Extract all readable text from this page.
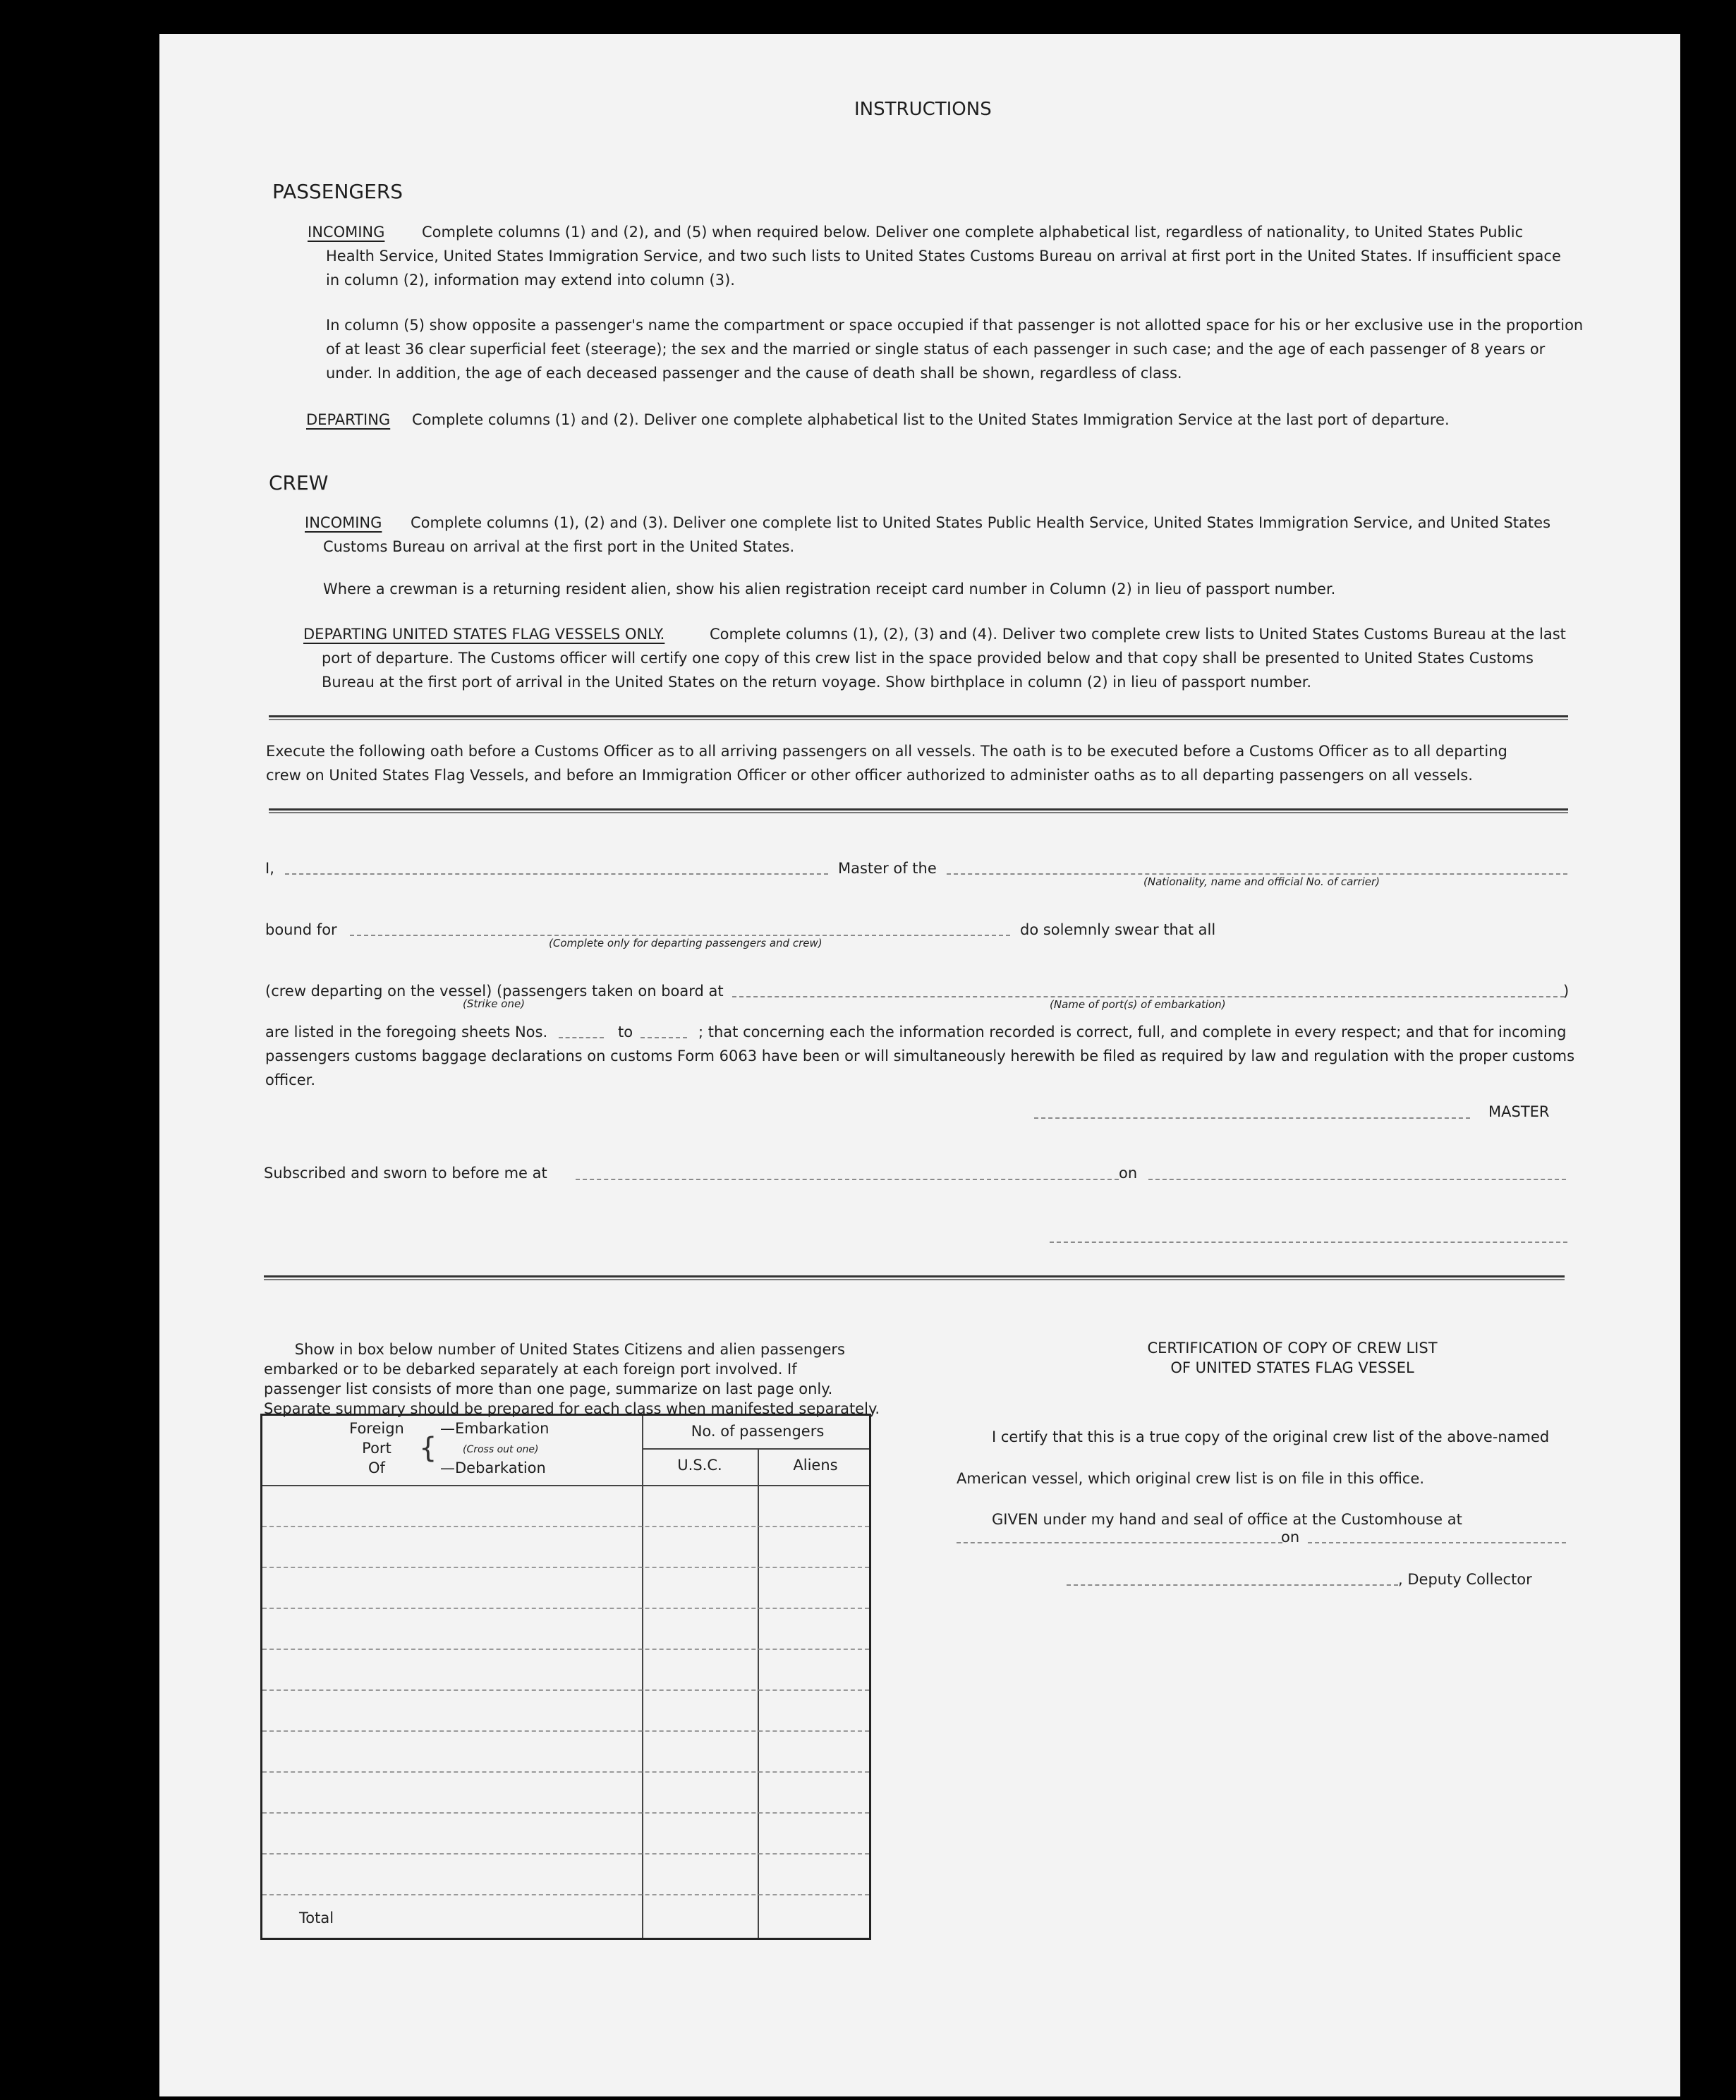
INSTRUCTIONS
PASSENGERS
INCOMING	Complete columns (1) and (2), and (5) when required below. Deliver one complete alphabetical list, regardless of nationality, to United States Public
Health Service, United States Immigration Service, and two such lists to United States Customs Bureau on arrival at first port in the United States. If insufficient space
in column (2), information may extend into column (3).
In column (5) show opposite a passenger's name the compartment or space occupied if that passenger is not allotted space for his or her exclusive use in the proportion
of at least 36 clear superficial feet (steerage); the sex and the married or single status of each passenger in such case; and the age of each passenger of 8 years or
under. In addition, the age of each deceased passenger and the cause of death shall be shown, regardless of class.
DEPARTING Complete columns (1) and (2). Deliver one complete alphabetical list to the United States Immigration Service at the last port of departure.
CREW
INCOMING Complete columns (1), (2) and (3). Deliver one complete list to United States Public Health Service, United States Immigration Service, and United States
Customs Bureau on arrival at the first port in the United States.
Where a crewman is a returning resident alien, show his alien registration receipt card number in Column (2) in lieu of passport number.
DEPARTING UNITED STATES FLAG VESSELS ONLY.	Complete columns (1), (2), (3) and (4). Deliver two complete crew lists to United States Customs Bureau at the last
port of departure. The Customs officer will certify one copy of this crew list in the space provided below and that copy shall be presented to United States Customs
Bureau at the first port of arrival in the United States on the return voyage. Show birthplace in column (2) in lieu of passport number.
Execute the following oath before a Customs Officer as to all arriving passengers on all vessels. The oath is to be executed before a Customs Officer as to all departing
crew on United States Flag Vessels, and before an Immigration Officer or other officer authorized to administer oaths as to all departing passengers on all vessels.
I,	Master of the
(Nationality, name and official No. of carrier)
bound for
(Complete only for departing passengers and crew)
do solemnly swear that all
(crew departing on the vessel) (passengers taken on board at
(Strike one)	(Name of port(s) of embarkation)
)
are listed in the foregoing sheets Nos.	to	; that concerning each the information recorded is correct, full, and complete in every respect; and that for incoming
passengers customs baggage declarations on customs Form 6063 have been or will simultaneously herewith be filed as required by law and regulation with the proper customs
officer.
MASTER
Subscribed and sworn to before me at	on
Show in box below number of United States Citizens and alien passengers
embarked or to be debarked separately at each foreign port involved. If
passenger list consists of more than one page, summarize on last page only.
Separate summary should be prepared for each class when manifested separately.
Foreign
Port
Of
{
—Embarkation
(Cross out one)
—Debarkation
No. of passengers
U.S.C.	Aliens
Total
CERTIFICATION OF COPY OF CREW LIST
OF UNITED STATES FLAG VESSEL
I certify that this is a true copy of the original crew list of the above-named
American vessel, which original crew list is on file in this office.
GIVEN under my hand and seal of office at the Customhouse at
on
, Deputy Collector
